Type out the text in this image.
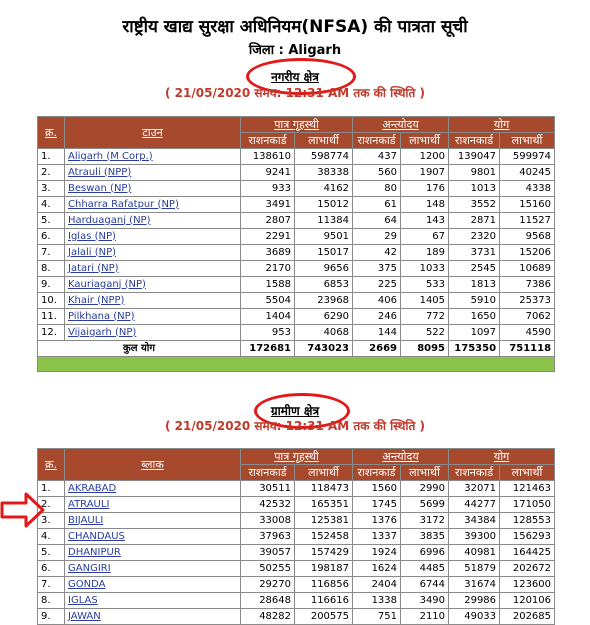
राष्ट्रीय खाद्य सुरक्षा अधिनियम(NFSA) की पात्रता सूची
जिला : Aligarh
नगरीय क्षेत्र
( 21/05/2020 समय: 12:31 AM तक की स्थिति )
क्र.	टाउन	पात्र गृहस्थी		अन्त्योदय		योग	
		राशनकार्ड	लाभार्थी	राशनकार्ड	लाभार्थी	राशनकार्ड	लाभार्थी
1.	Aligarh (M Corp.)	138610	598774	437	1200	139047	599974
2.	Atrauli (NPP)	9241	38338	560	1907	9801	40245
3.	Beswan (NP)	933	4162	80	176	1013	4338
4.	Chharra Rafatpur (NP)	3491	15012	61	148	3552	15160
5.	Harduaganj (NP)	2807	11384	64	143	2871	11527
6.	Iglas (NP)	2291	9501	29	67	2320	9568
7.	Jalali (NP)	3689	15017	42	189	3731	15206
8.	Jatari (NP)	2170	9656	375	1033	2545	10689
9.	Kauriaganj (NP)	1588	6853	225	533	1813	7386
10.	Khair (NPP)	5504	23968	406	1405	5910	25373
11.	Pilkhana (NP)	1404	6290	246	772	1650	7062
12.	Vijaigarh (NP)	953	4068	144	522	1097	4590
कुल योग		172681	743023	2669	8095	175350	751118

ग्रामीण क्षेत्र
( 21/05/2020 समय: 12:31 AM तक की स्थिति )
क्र.	ब्लाक	पात्र गृहस्थी		अन्त्योदय		योग	
		राशनकार्ड	लाभार्थी	राशनकार्ड	लाभार्थी	राशनकार्ड	लाभार्थी
1.	AKRABAD	30511	118473	1560	2990	32071	121463
2.	ATRAULI	42532	165351	1745	5699	44277	171050
3.	BIJAULI	33008	125381	1376	3172	34384	128553
4.	CHANDAUS	37963	152458	1337	3835	39300	156293
5.	DHANIPUR	39057	157429	1924	6996	40981	164425
6.	GANGIRI	50255	198187	1624	4485	51879	202672
7.	GONDA	29270	116856	2404	6744	31674	123600
8.	IGLAS	28648	116616	1338	3490	29986	120106
9.	JAWAN	48282	200575	751	2110	49033	202685
